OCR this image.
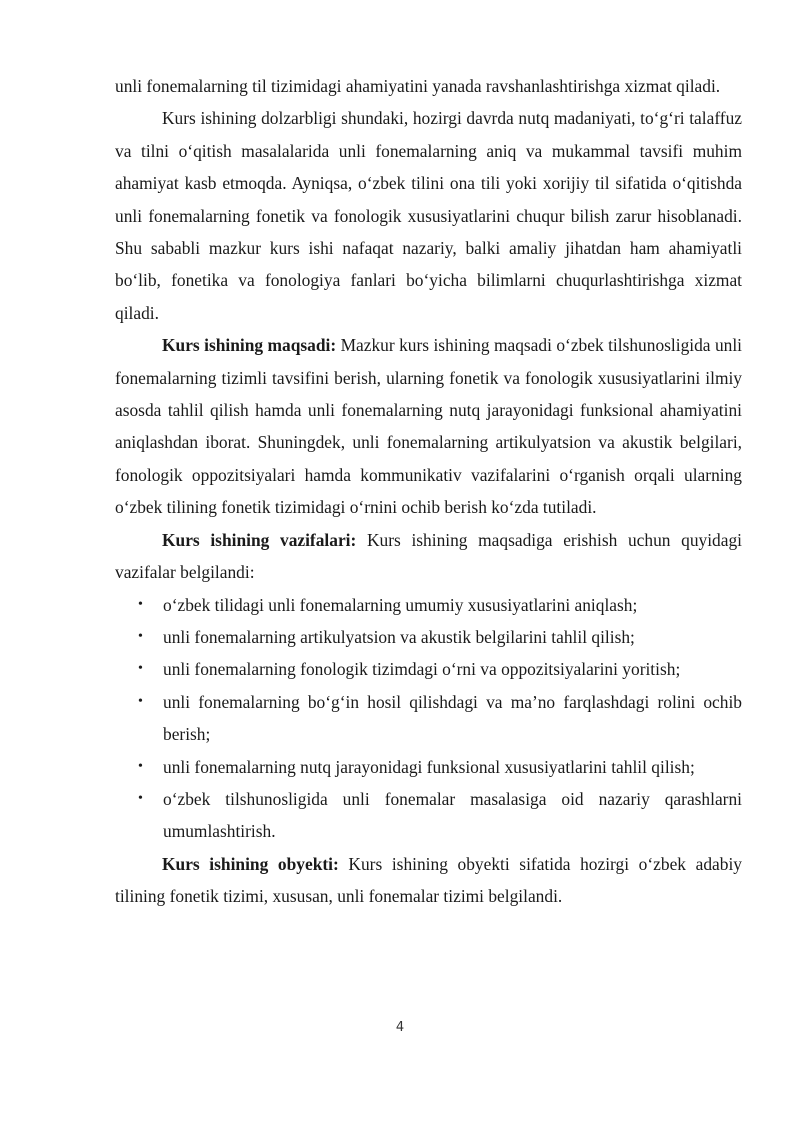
unli fonemalarning til tizimidagi ahamiyatini yanada ravshanlashtirishga xizmat qiladi.

Kurs ishining dolzarbligi shundaki, hozirgi davrda nutq madaniyati, to‘g‘ri talaffuz va tilni o‘qitish masalalarida unli fonemalarning aniq va mukammal tavsifi muhim ahamiyat kasb etmoqda. Ayniqsa, o‘zbek tilini ona tili yoki xorijiy til sifatida o‘qitishda unli fonemalarning fonetik va fonologik xususiyatlarini chuqur bilish zarur hisoblanadi. Shu sababli mazkur kurs ishi nafaqat nazariy, balki amaliy jihatdan ham ahamiyatli bo‘lib, fonetika va fonologiya fanlari bo‘yicha bilimlarni chuqurlashtirishga xizmat qiladi.

Kurs ishining maqsadi: Mazkur kurs ishining maqsadi o‘zbek tilshunosligida unli fonemalarning tizimli tavsifini berish, ularning fonetik va fonologik xususiyatlarini ilmiy asosda tahlil qilish hamda unli fonemalarning nutq jarayonidagi funksional ahamiyatini aniqlashdan iborat. Shuningdek, unli fonemalarning artikulyatsion va akustik belgilari, fonologik oppozitsiyalari hamda kommunikativ vazifalarini o‘rganish orqali ularning o‘zbek tilining fonetik tizimidagi o‘rnini ochib berish ko‘zda tutiladi.

Kurs ishining vazifalari: Kurs ishining maqsadiga erishish uchun quyidagi vazifalar belgilandi:

• o‘zbek tilidagi unli fonemalarning umumiy xususiyatlarini aniqlash;
• unli fonemalarning artikulyatsion va akustik belgilarini tahlil qilish;
• unli fonemalarning fonologik tizimdagi o‘rni va oppozitsiyalarini yoritish;
• unli fonemalarning bo‘g‘in hosil qilishdagi va ma’no farqlashdagi rolini ochib berish;
• unli fonemalarning nutq jarayonidagi funksional xususiyatlarini tahlil qilish;
• o‘zbek tilshunosligida unli fonemalar masalasiga oid nazariy qarashlarni umumlashtirish.

Kurs ishining obyekti: Kurs ishining obyekti sifatida hozirgi o‘zbek adabiy tilining fonetik tizimi, xususan, unli fonemalar tizimi belgilandi.

4
